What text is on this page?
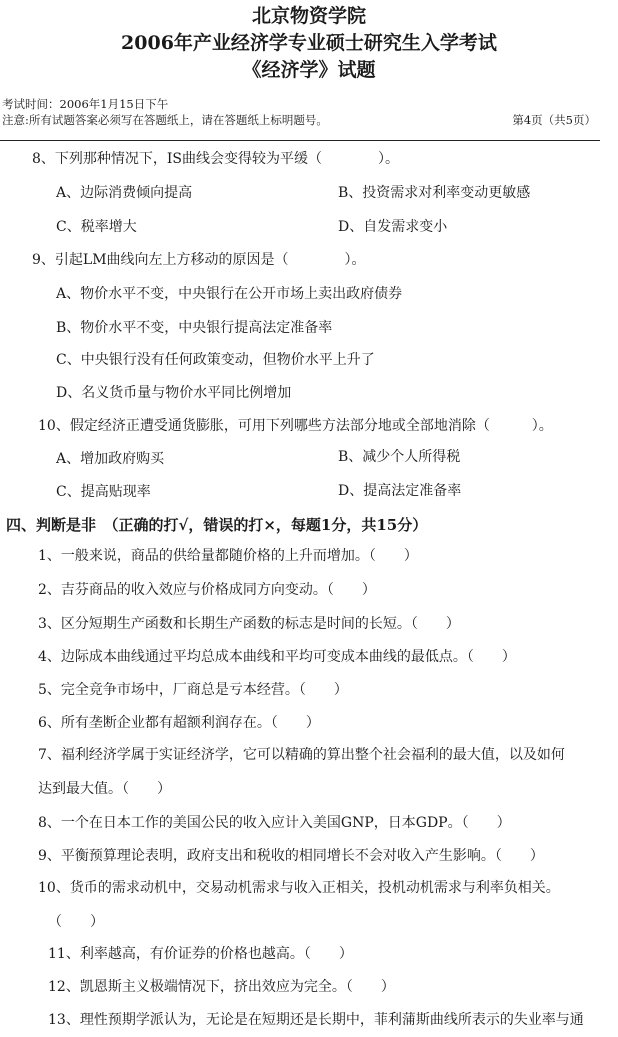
北京物资学院
2006年产业经济学专业硕士研究生入学考试
《经济学》试题
考试时间：2006年1月15日下午
注意:所有试题答案必须写在答题纸上，请在答题纸上标明题号。	第4页（共5页）
8、下列那种情况下，IS曲线会变得较为平缓（　　　　）。
A、边际消费倾向提高	B、投资需求对利率变动更敏感
C、税率增大	D、自发需求变小
9、引起LM曲线向左上方移动的原因是（　　　　）。
A、物价水平不变，中央银行在公开市场上卖出政府债券
B、物价水平不变，中央银行提高法定准备率
C、中央银行没有任何政策变动，但物价水平上升了
D、名义货币量与物价水平同比例增加
10、假定经济正遭受通货膨胀，可用下列哪些方法部分地或全部地消除（　　　）。
A、增加政府购买	B、减少个人所得税
C、提高贴现率	D、提高法定准备率
四、判断是非　（正确的打√，错误的打×，每题1分，共15分）
1、一般来说，商品的供给量都随价格的上升而增加。（　　）
2、吉芬商品的收入效应与价格成同方向变动。（　　）
3、区分短期生产函数和长期生产函数的标志是时间的长短。（　　）
4、边际成本曲线通过平均总成本曲线和平均可变成本曲线的最低点。（　　）
5、完全竞争市场中，厂商总是亏本经营。（　　）
6、所有垄断企业都有超额利润存在。（　　）
7、福利经济学属于实证经济学，它可以精确的算出整个社会福利的最大值，以及如何
达到最大值。（　　）
8、一个在日本工作的美国公民的收入应计入美国GNP，日本GDP。（　　）
9、平衡预算理论表明，政府支出和税收的相同增长不会对收入产生影响。（　　）
10、货币的需求动机中，交易动机需求与收入正相关，投机动机需求与利率负相关。
（　　）
11、利率越高，有价证券的价格也越高。（　　）
12、凯恩斯主义极端情况下，挤出效应为完全。（　　）
13、理性预期学派认为，无论是在短期还是长期中，菲利蒲斯曲线所表示的失业率与通
